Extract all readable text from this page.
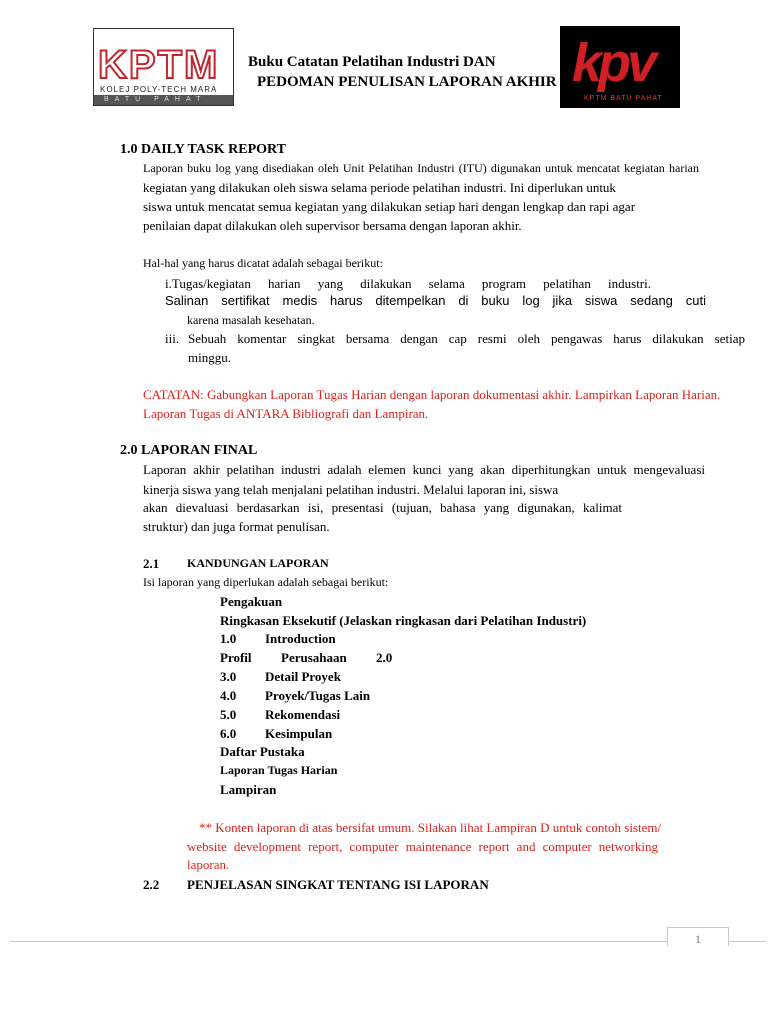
KPTM
KOLEJ POLY-TECH MARA
BATU PAHAT
kpv
KPTM BATU PAHAT
Buku Catatan Pelatihan Industri DAN
PEDOMAN PENULISAN LAPORAN AKHIR
1.0 DAILY TASK REPORT
Laporan buku log yang disediakan oleh Unit Pelatihan Industri (ITU) digunakan untuk mencatat kegiatan harian
kegiatan yang dilakukan oleh siswa selama periode pelatihan industri. Ini diperlukan untuk
siswa untuk mencatat semua kegiatan yang dilakukan setiap hari dengan lengkap dan rapi agar
penilaian dapat dilakukan oleh supervisor bersama dengan laporan akhir.
Hal-hal yang harus dicatat adalah sebagai berikut:
i.Tugas/kegiatan harian yang dilakukan selama program pelatihan industri.
Salinan sertifikat medis harus ditempelkan di buku log jika siswa sedang cuti
karena masalah kesehatan.
iii. Sebuah komentar singkat bersama dengan cap resmi oleh pengawas harus dilakukan setiap
minggu.
CATATAN: Gabungkan Laporan Tugas Harian dengan laporan dokumentasi akhir. Lampirkan Laporan Harian.
Laporan Tugas di ANTARA Bibliografi dan Lampiran.
2.0 LAPORAN FINAL
Laporan akhir pelatihan industri adalah elemen kunci yang akan diperhitungkan untuk mengevaluasi
kinerja siswa yang telah menjalani pelatihan industri. Melalui laporan ini, siswa
akan dievaluasi berdasarkan isi, presentasi (tujuan, bahasa yang digunakan, kalimat
struktur) dan juga format penulisan.
2.1 KANDUNGAN LAPORAN
Isi laporan yang diperlukan adalah sebagai berikut:
Pengakuan
Ringkasan Eksekutif (Jelaskan ringkasan dari Pelatihan Industri)
1.0 Introduction
Profil Perusahaan 2.0
3.0 Detail Proyek
4.0 Proyek/Tugas Lain
5.0 Rekomendasi
6.0 Kesimpulan
Daftar Pustaka
Laporan Tugas Harian
Lampiran
** Konten laporan di atas bersifat umum. Silakan lihat Lampiran D untuk contoh sistem/
website development report, computer maintenance report and computer networking
laporan.
2.2 PENJELASAN SINGKAT TENTANG ISI LAPORAN
1
